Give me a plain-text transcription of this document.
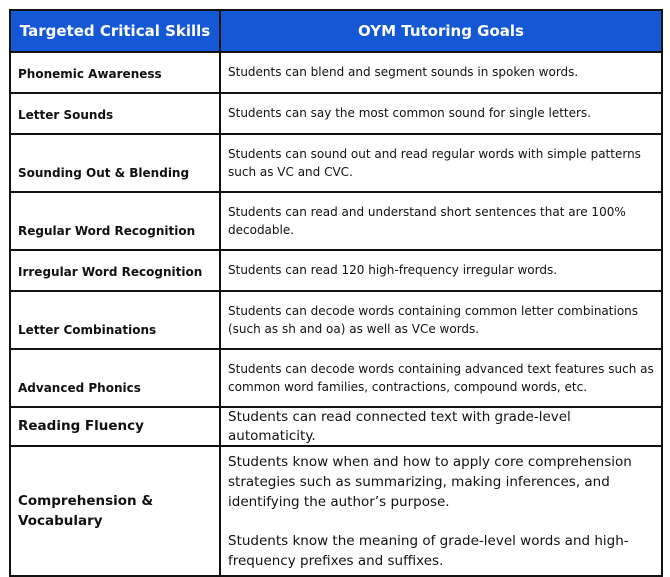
Targeted Critical Skills	OYM Tutoring Goals
Phonemic Awareness	Students can blend and segment sounds in spoken words.
Letter Sounds	Students can say the most common sound for single letters.
Sounding Out & Blending	Students can sound out and read regular words with simple patterns such as VC and CVC.
Regular Word Recognition	Students can read and understand short sentences that are 100% decodable.
Irregular Word Recognition	Students can read 120 high-frequency irregular words.
Letter Combinations	Students can decode words containing common letter combinations (such as sh and oa) as well as VCe words.
Advanced Phonics	Students can decode words containing advanced text features such as common word families, contractions, compound words, etc.
Reading Fluency	Students can read connected text with grade-level automaticity.
Comprehension & Vocabulary	Students know when and how to apply core comprehension strategies such as summarizing, making inferences, and identifying the author’s purpose.
Students know the meaning of grade-level words and high-frequency prefixes and suffixes.
